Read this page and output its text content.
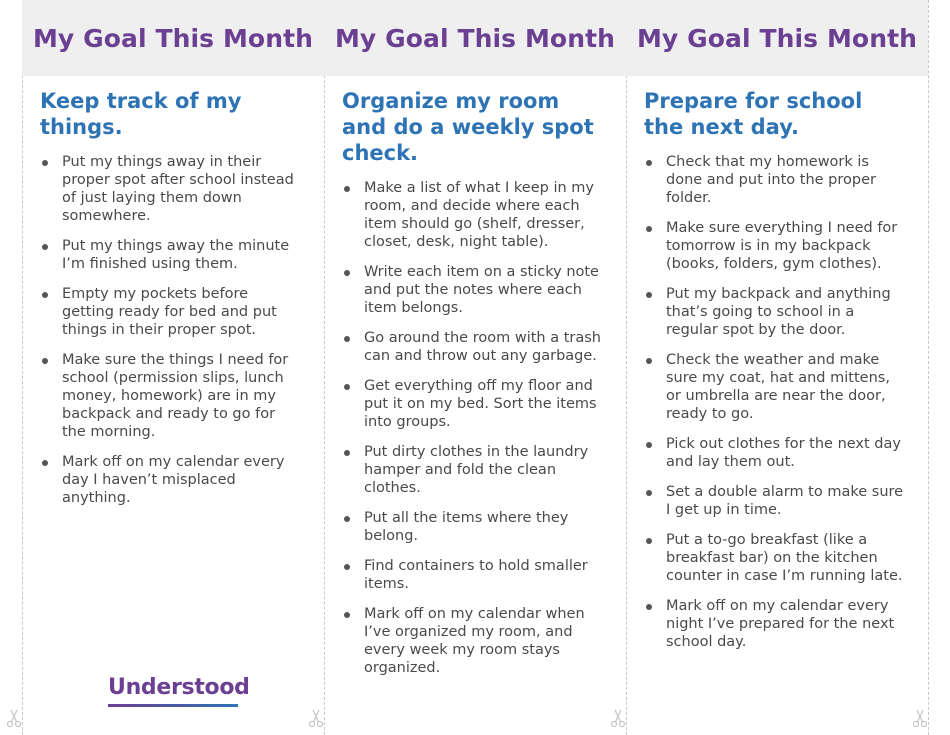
My Goal This Month
Keep track of my things.
Put my things away in their proper spot after school instead of just laying them down somewhere.
Put my things away the minute I’m finished using them.
Empty my pockets before getting ready for bed and put things in their proper spot.
Make sure the things I need for school (permission slips, lunch money, homework) are in my backpack and ready to go for the morning.
Mark off on my calendar every day I haven’t misplaced anything.
My Goal This Month
Organize my room and do a weekly spot check.
Make a list of what I keep in my room, and decide where each item should go (shelf, dresser, closet, desk, night table).
Write each item on a sticky note and put the notes where each item belongs.
Go around the room with a trash can and throw out any garbage.
Get everything off my floor and put it on my bed. Sort the items into groups.
Put dirty clothes in the laundry hamper and fold the clean clothes.
Put all the items where they belong.
Find containers to hold smaller items.
Mark off on my calendar when I’ve organized my room, and every week my room stays organized.
My Goal This Month
Prepare for school the next day.
Check that my homework is done and put into the proper folder.
Make sure everything I need for tomorrow is in my backpack (books, folders, gym clothes).
Put my backpack and anything that’s going to school in a regular spot by the door.
Check the weather and make sure my coat, hat and mittens, or umbrella are near the door, ready to go.
Pick out clothes for the next day and lay them out.
Set a double alarm to make sure I get up in time.
Put a to-go breakfast (like a breakfast bar) on the kitchen counter in case I’m running late.
Mark off on my calendar every night I’ve prepared for the next school day.
Understood
